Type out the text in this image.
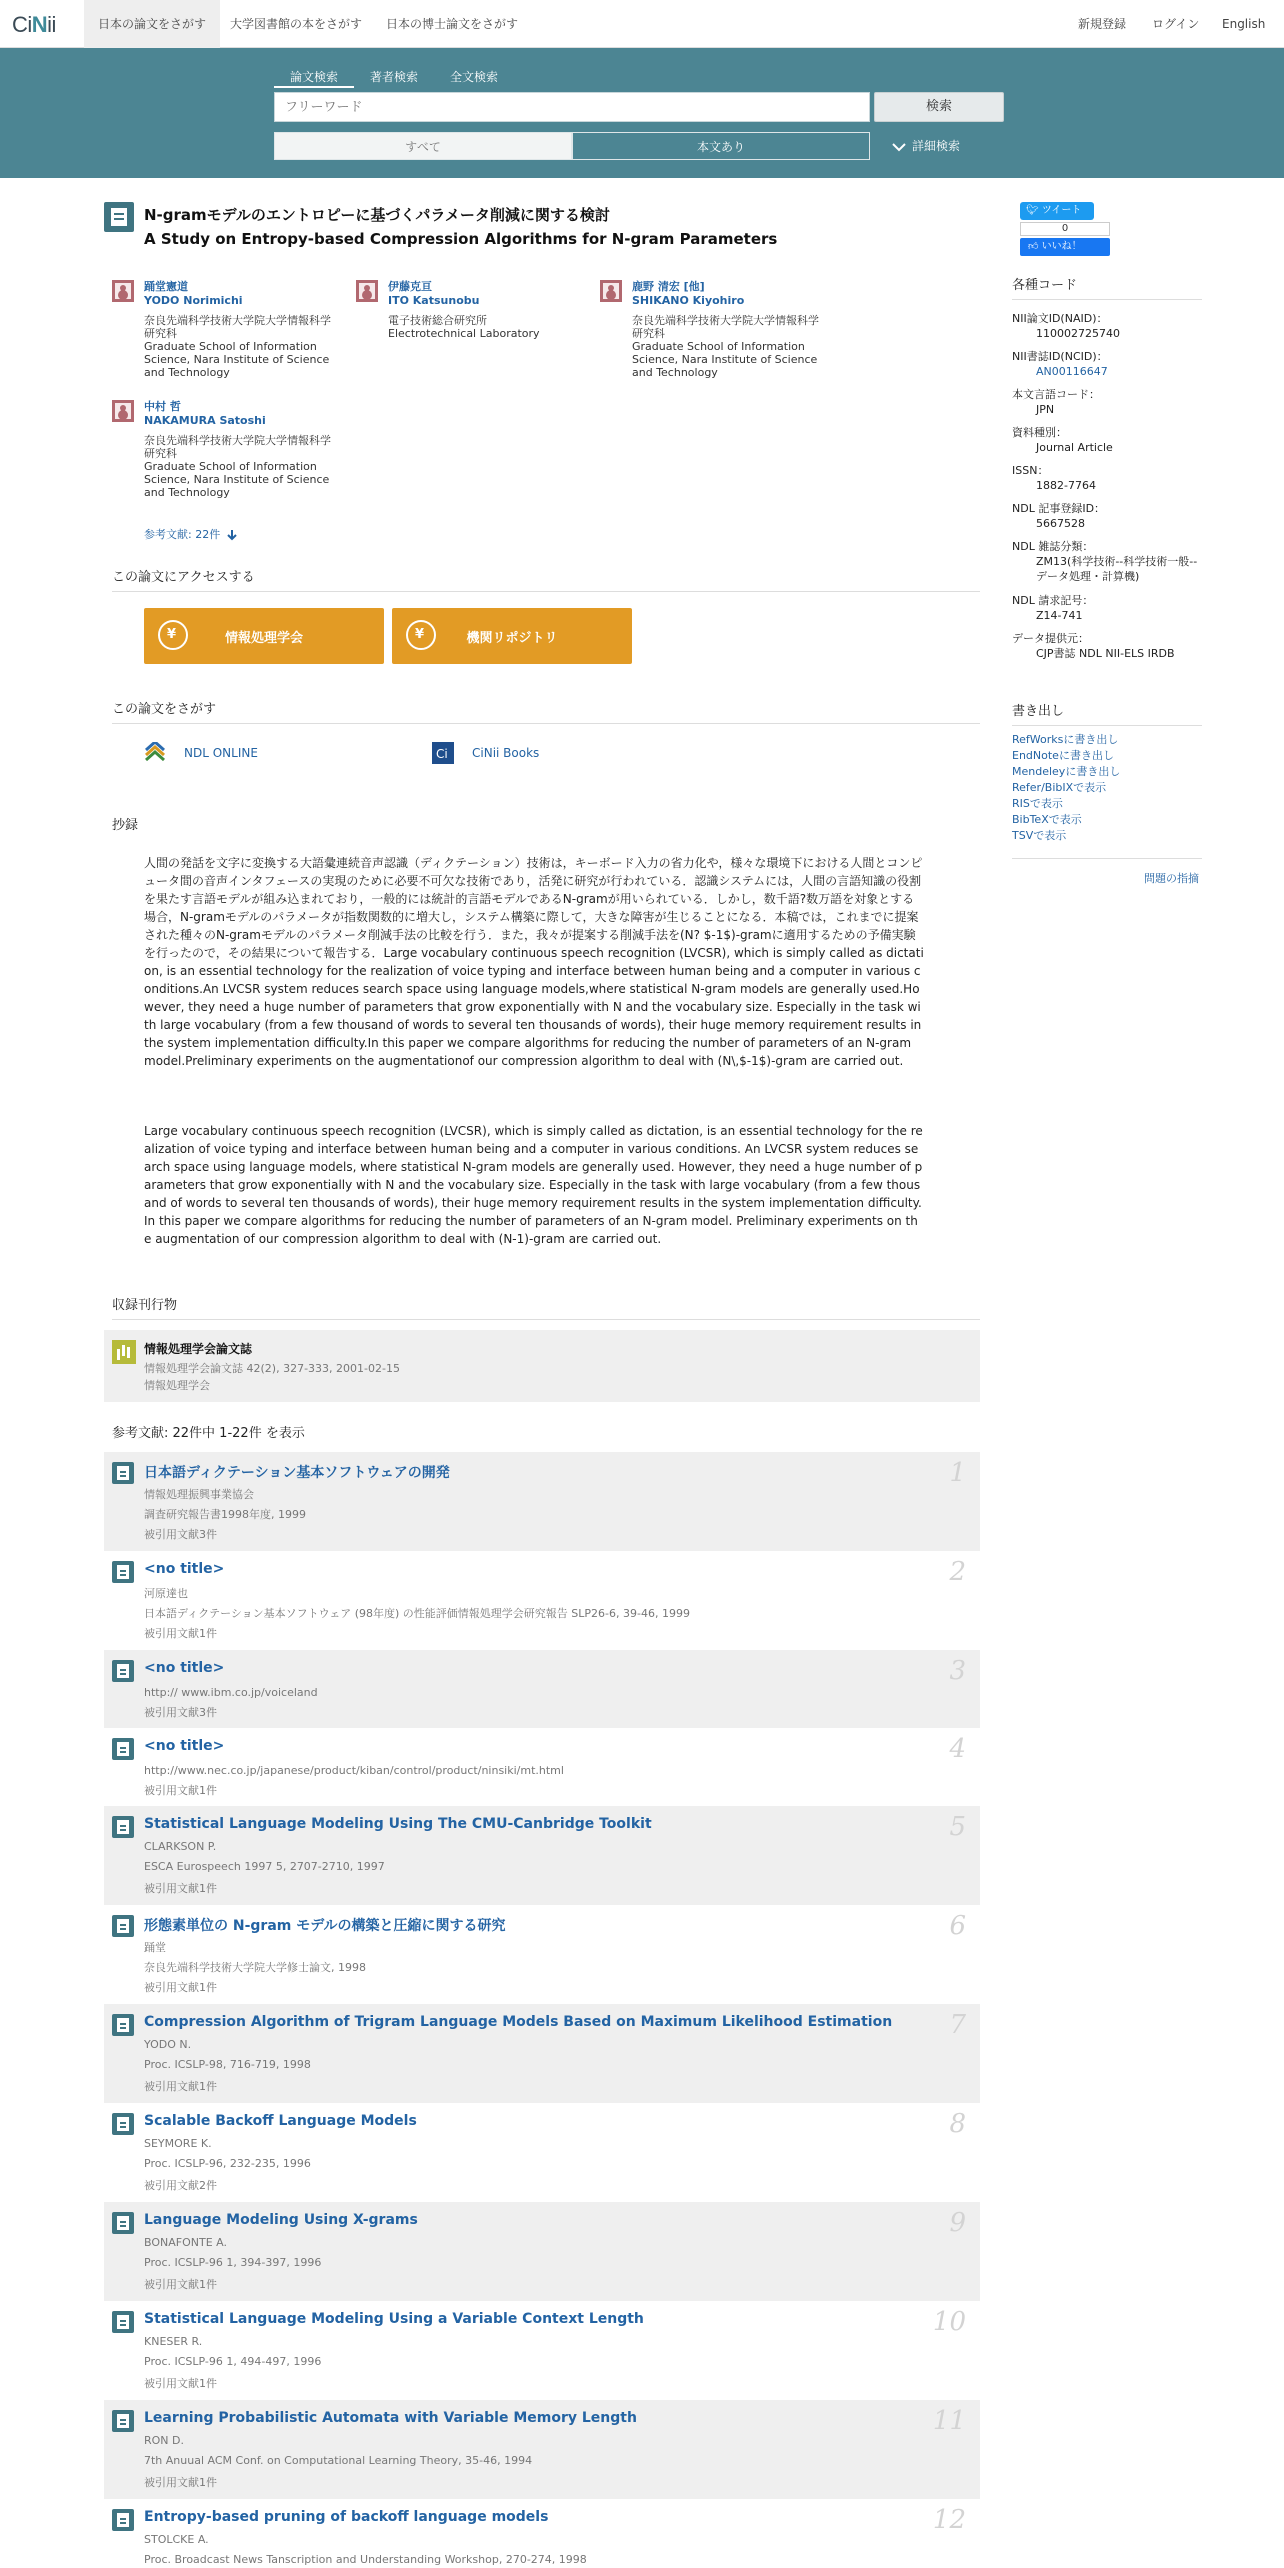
CiNii	日本の論文をさがす	大学図書館の本をさがす	日本の博士論文をさがす	新規登録 ログイン English
論文検索	著者検索	全文検索
フリーワード
検索
すべて	本文あり	詳細検索
N-gramモデルのエントロピーに基づくパラメータ削減に関する検討
A Study on Entropy-based Compression Algorithms for N-gram Parameters
踊堂憲道
YODO Norimichi
奈良先端科学技術大学院大学情報科学研究科
Graduate School of Information Science, Nara Institute of Science and Technology
伊藤克亘
ITO Katsunobu
電子技術総合研究所
Electrotechnical Laboratory
鹿野 清宏 [他]
SHIKANO Kiyohiro
奈良先端科学技術大学院大学情報科学研究科
Graduate School of Information Science, Nara Institute of Science and Technology
中村 哲
NAKAMURA Satoshi
奈良先端科学技術大学院大学情報科学研究科
Graduate School of Information Science, Nara Institute of Science and Technology
参考文献: 22件
この論文にアクセスする
¥
情報処理学会
¥	機関リポジトリ
この論文をさがす
NDL ONLINE	Ci CiNii Books
抄録
人間の発話を文字に変換する大語彙連続音声認識（ディクテーション）技術は，キーボード入力の省力化や，様々な環境下における人間とコンピュータ間の音声インタフェースの実現のために必要不可欠な技術であり，活発に研究が行われている．認識システムには，人間の言語知識の役割を果たす言語モデルが組み込まれており，一般的には統計的言語モデルであるN-gramが用いられている．しかし，数千語?数万語を対象とする場合，N-gramモデルのパラメータが指数関数的に増大し，システム構築に際して，大きな障害が生じることになる．本稿では，これまでに提案された種々のN-gramモデルのパラメータ削減手法の比較を行う．また，我々が提案する削減手法を(N? $-1$)-gramに適用するための予備実験を行ったので，その結果について報告する．Large vocabulary continuous speech recognition (LVCSR), which is simply called as dictation, is an essential technology for the realization of voice typing and interface between human being and a computer in various conditions.An LVCSR system reduces search space using language models,where statistical N-gram models are generally used.However, they need a huge number of parameters that grow exponentially with N and the vocabulary size. Especially in the task with large vocabulary (from a few thousand of words to several ten thousands of words), their huge memory requirement results in the system implementation difficulty.In this paper we compare algorithms for reducing the number of parameters of an N-gram model.Preliminary experiments on the augmentationof our compression algorithm to deal with (N\,$-1$)-gram are carried out.
Large vocabulary continuous speech recognition (LVCSR), which is simply called as dictation, is an essential technology for the realization of voice typing and interface between human being and a computer in various conditions. An LVCSR system reduces search space using language models, where statistical N-gram models are generally used. However, they need a huge number of parameters that grow exponentially with N and the vocabulary size. Especially in the task with large vocabulary (from a few thousand of words to several ten thousands of words), their huge memory requirement results in the system implementation difficulty. In this paper we compare algorithms for reducing the number of parameters of an N-gram model. Preliminary experiments on the augmentation of our compression algorithm to deal with (N-1)-gram are carried out.
収録刊行物
情報処理学会論文誌
情報処理学会論文誌 42(2), 327-333, 2001-02-15
情報処理学会
参考文献: 22件中 1-22件 を表示
日本語ディクテーション基本ソフトウェアの開発
情報処理振興事業協会
調査研究報告書1998年度, 1999
被引用文献3件
1
<no title>
河原達也
日本語ディクテーション基本ソフトウェア (98年度) の性能評価情報処理学会研究報告 SLP26-6, 39-46, 1999
被引用文献1件
2
<no title>
http:// www.ibm.co.jp/voiceland
被引用文献3件
3
<no title>
http://www.nec.co.jp/japanese/product/kiban/control/product/ninsiki/mt.html
被引用文献1件
4
Statistical Language Modeling Using The CMU-Canbridge Toolkit
CLARKSON P.
ESCA Eurospeech 1997 5, 2707-2710, 1997
被引用文献1件
5
形態素単位の N-gram モデルの構築と圧縮に関する研究
踊堂
奈良先端科学技術大学院大学修士論文, 1998
被引用文献1件
6
Compression Algorithm of Trigram Language Models Based on Maximum Likelihood Estimation
YODO N.
Proc. ICSLP-98, 716-719, 1998
被引用文献1件
7
Scalable Backoff Language Models
SEYMORE K.
Proc. ICSLP-96, 232-235, 1996
被引用文献2件
8
Language Modeling Using X-grams
BONAFONTE A.
Proc. ICSLP-96 1, 394-397, 1996
被引用文献1件
9
Statistical Language Modeling Using a Variable Context Length
KNESER R.
Proc. ICSLP-96 1, 494-497, 1996
被引用文献1件
10
Learning Probabilistic Automata with Variable Memory Length
RON D.
7th Anuual ACM Conf. on Computational Learning Theory, 35-46, 1994
被引用文献1件
11
Entropy-based pruning of backoff language models
STOLCKE A.
Proc. Broadcast News Tanscription and Understanding Workshop, 270-274, 1998
12
🐦︎ ツイート
0
👍︎ いいね！
各種コード
NII論文ID(NAID)：
110002725740
NII書誌ID(NCID)：
AN00116647
本文言語コード：
JPN
資料種別：
Journal Article
ISSN：
1882-7764
NDL 記事登録ID：
5667528
NDL 雑誌分類：
ZM13(科学技術--科学技術一般--データ処理・計算機)
NDL 請求記号：
Z14-741
データ提供元：
CJP書誌 NDL NII-ELS IRDB
書き出し
RefWorksに書き出し
EndNoteに書き出し
Mendeleyに書き出し
Refer/BibIXで表示
RISで表示
BibTeXで表示
TSVで表示
問題の指摘
